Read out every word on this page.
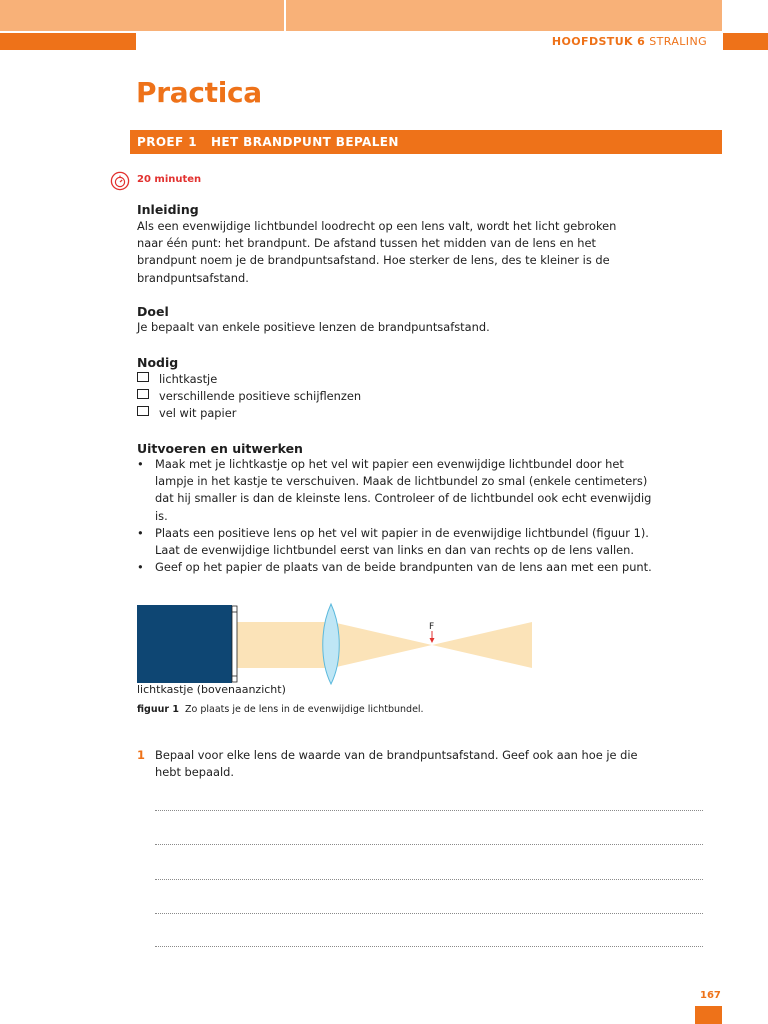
HOOFDSTUK 6 STRALING
Practica
PROEF 1 HET BRANDPUNT BEPALEN
20 minuten
Inleiding
Als een evenwijdige lichtbundel loodrecht op een lens valt, wordt het licht gebroken
naar één punt: het brandpunt. De afstand tussen het midden van de lens en het
brandpunt noem je de brandpuntsafstand. Hoe sterker de lens, des te kleiner is de
brandpuntsafstand.
Doel
Je bepaalt van enkele positieve lenzen de brandpuntsafstand.
Nodig
lichtkastje
verschillende positieve schijflenzen
vel wit papier
Uitvoeren en uitwerken
• Maak met je lichtkastje op het vel wit papier een evenwijdige lichtbundel door het
lampje in het kastje te verschuiven. Maak de lichtbundel zo smal (enkele centimeters)
dat hij smaller is dan de kleinste lens. Controleer of de lichtbundel ook echt evenwijdig
is.
• Plaats een positieve lens op het vel wit papier in de evenwijdige lichtbundel (figuur 1).
Laat de evenwijdige lichtbundel eerst van links en dan van rechts op de lens vallen.
• Geef op het papier de plaats van de beide brandpunten van de lens aan met een punt.
F
lichtkastje (bovenaanzicht)
figuur 1 Zo plaats je de lens in de evenwijdige lichtbundel.
1 Bepaal voor elke lens de waarde van de brandpuntsafstand. Geef ook aan hoe je die
hebt bepaald.
167
